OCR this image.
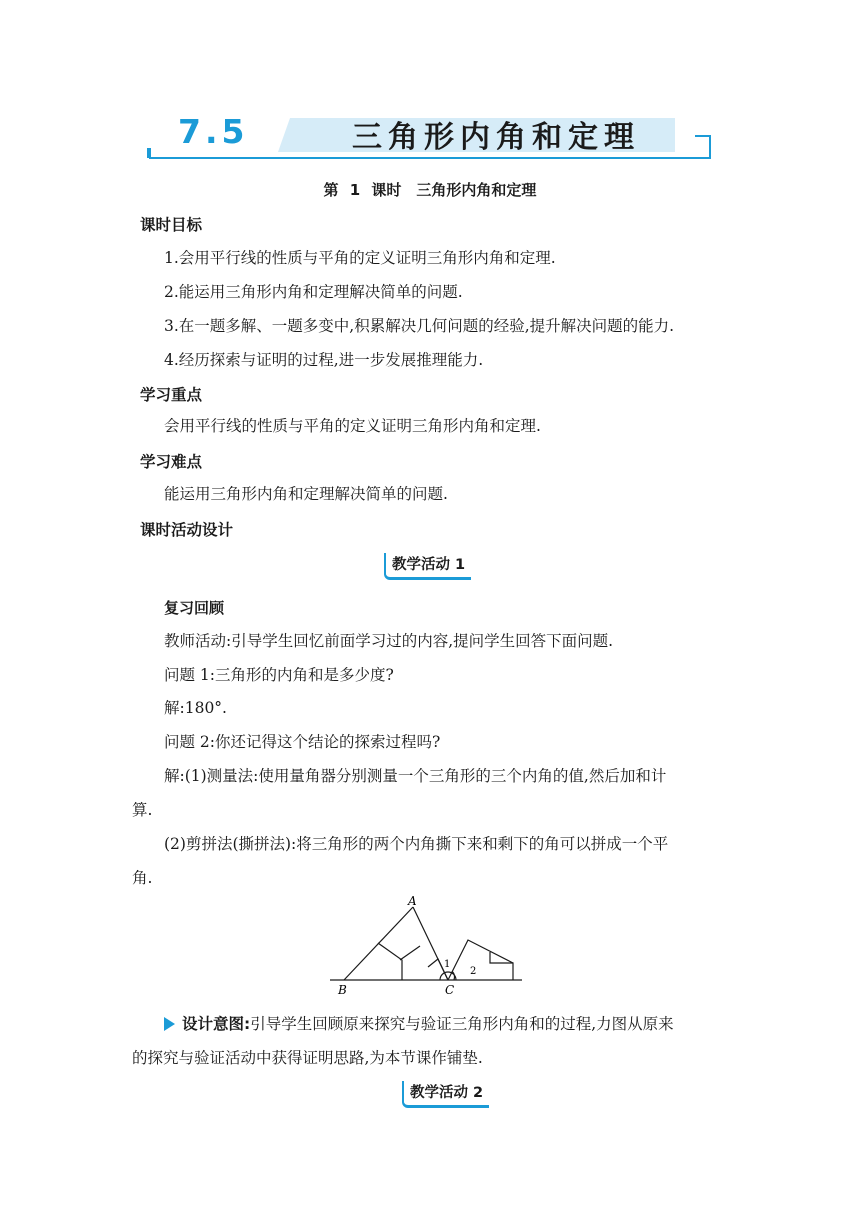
7.5	三角形内角和定理
第 1 课时　三角形内角和定理
课时目标
1.会用平行线的性质与平角的定义证明三角形内角和定理.
2.能运用三角形内角和定理解决简单的问题.
3.在一题多解、一题多变中,积累解决几何问题的经验,提升解决问题的能力.
4.经历探索与证明的过程,进一步发展推理能力.
学习重点
会用平行线的性质与平角的定义证明三角形内角和定理.
学习难点
能运用三角形内角和定理解决简单的问题.
课时活动设计
教学活动 1
复习回顾
教师活动:引导学生回忆前面学习过的内容,提问学生回答下面问题.
问题 1:三角形的内角和是多少度?
解:180°.
问题 2:你还记得这个结论的探索过程吗?
解:(1)测量法:使用量角器分别测量一个三角形的三个内角的值,然后加和计
算.
(2)剪拼法(撕拼法):将三角形的两个内角撕下来和剩下的角可以拼成一个平
角.
A
B	C
1
2
设计意图:引导学生回顾原来探究与验证三角形内角和的过程,力图从原来
的探究与验证活动中获得证明思路,为本节课作铺垫.
教学活动 2
